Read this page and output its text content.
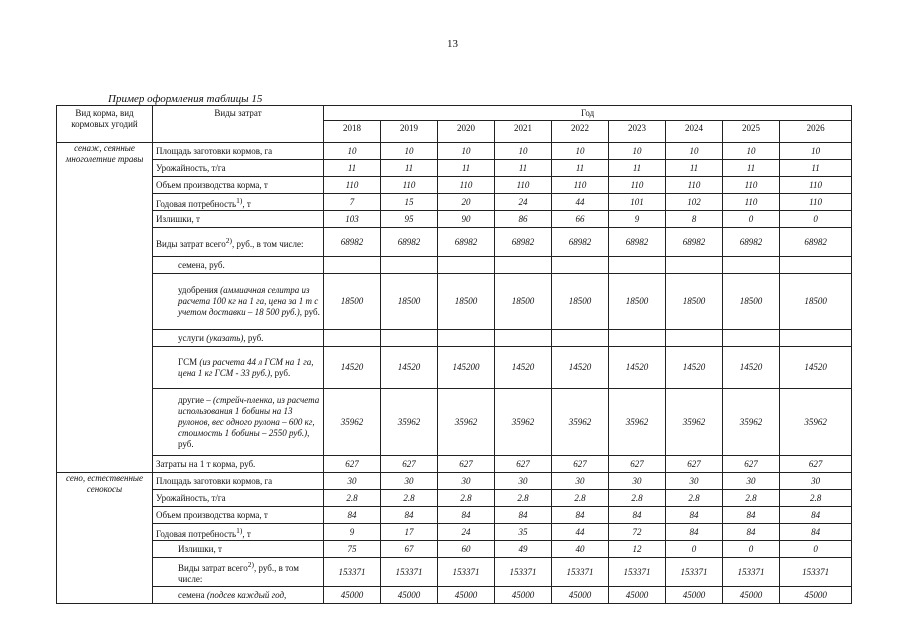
13
Пример оформления таблицы 15
Вид корма, вид кормовых угодий	Виды затрат	Год								
		2018	2019	2020	2021	2022	2023	2024	2025	2026
сенаж, сеянные многолетние травы	Площадь заготовки кормов, га	10	10	10	10	10	10	10	10	10
	Урожайность, т/га	11	11	11	11	11	11	11	11	11
	Объем производства корма, т	110	110	110	110	110	110	110	110	110
	Годовая потребность$^{1)}$, т	7	15	20	24	44	101	102	110	110
	Излишки, т	103	95	90	86	66	9	8	0	0
	Виды затрат всего$^{2)}$, руб., в том числе:	68982	68982	68982	68982	68982	68982	68982	68982	68982
	семена, руб.									
	удобрения (аммиачная селитра из расчета 100 кг на 1 га, цена за 1 т с учетом доставки – 18 500 руб.), руб.	18500	18500	18500	18500	18500	18500	18500	18500	18500
	услуги (указать), руб.									
	ГСМ (из расчета 44 л ГСМ на 1 га, цена 1 кг ГСМ - 33 руб.), руб.	14520	14520	145200	14520	14520	14520	14520	14520	14520
	другие – (стрейч-пленка, из расчета использования 1 бобины на 13 рулонов, вес одного рулона – 600 кг, стоимость 1 бобины – 2550 руб.), руб.	35962	35962	35962	35962	35962	35962	35962	35962	35962
	Затраты на 1 т корма, руб.	627	627	627	627	627	627	627	627	627
сено, естественные сенокосы	Площадь заготовки кормов, га	30	30	30	30	30	30	30	30	30
	Урожайность, т/га	2.8	2.8	2.8	2.8	2.8	2.8	2.8	2.8	2.8
	Объем производства корма, т	84	84	84	84	84	84	84	84	84
	Годовая потребность$^{1)}$, т	9	17	24	35	44	72	84	84	84
	Излишки, т	75	67	60	49	40	12	0	0	0
	Виды затрат всего$^{2)}$, руб., в том числе:	153371	153371	153371	153371	153371	153371	153371	153371	153371
	семена (подсев каждый год,	45000	45000	45000	45000	45000	45000	45000	45000	45000
